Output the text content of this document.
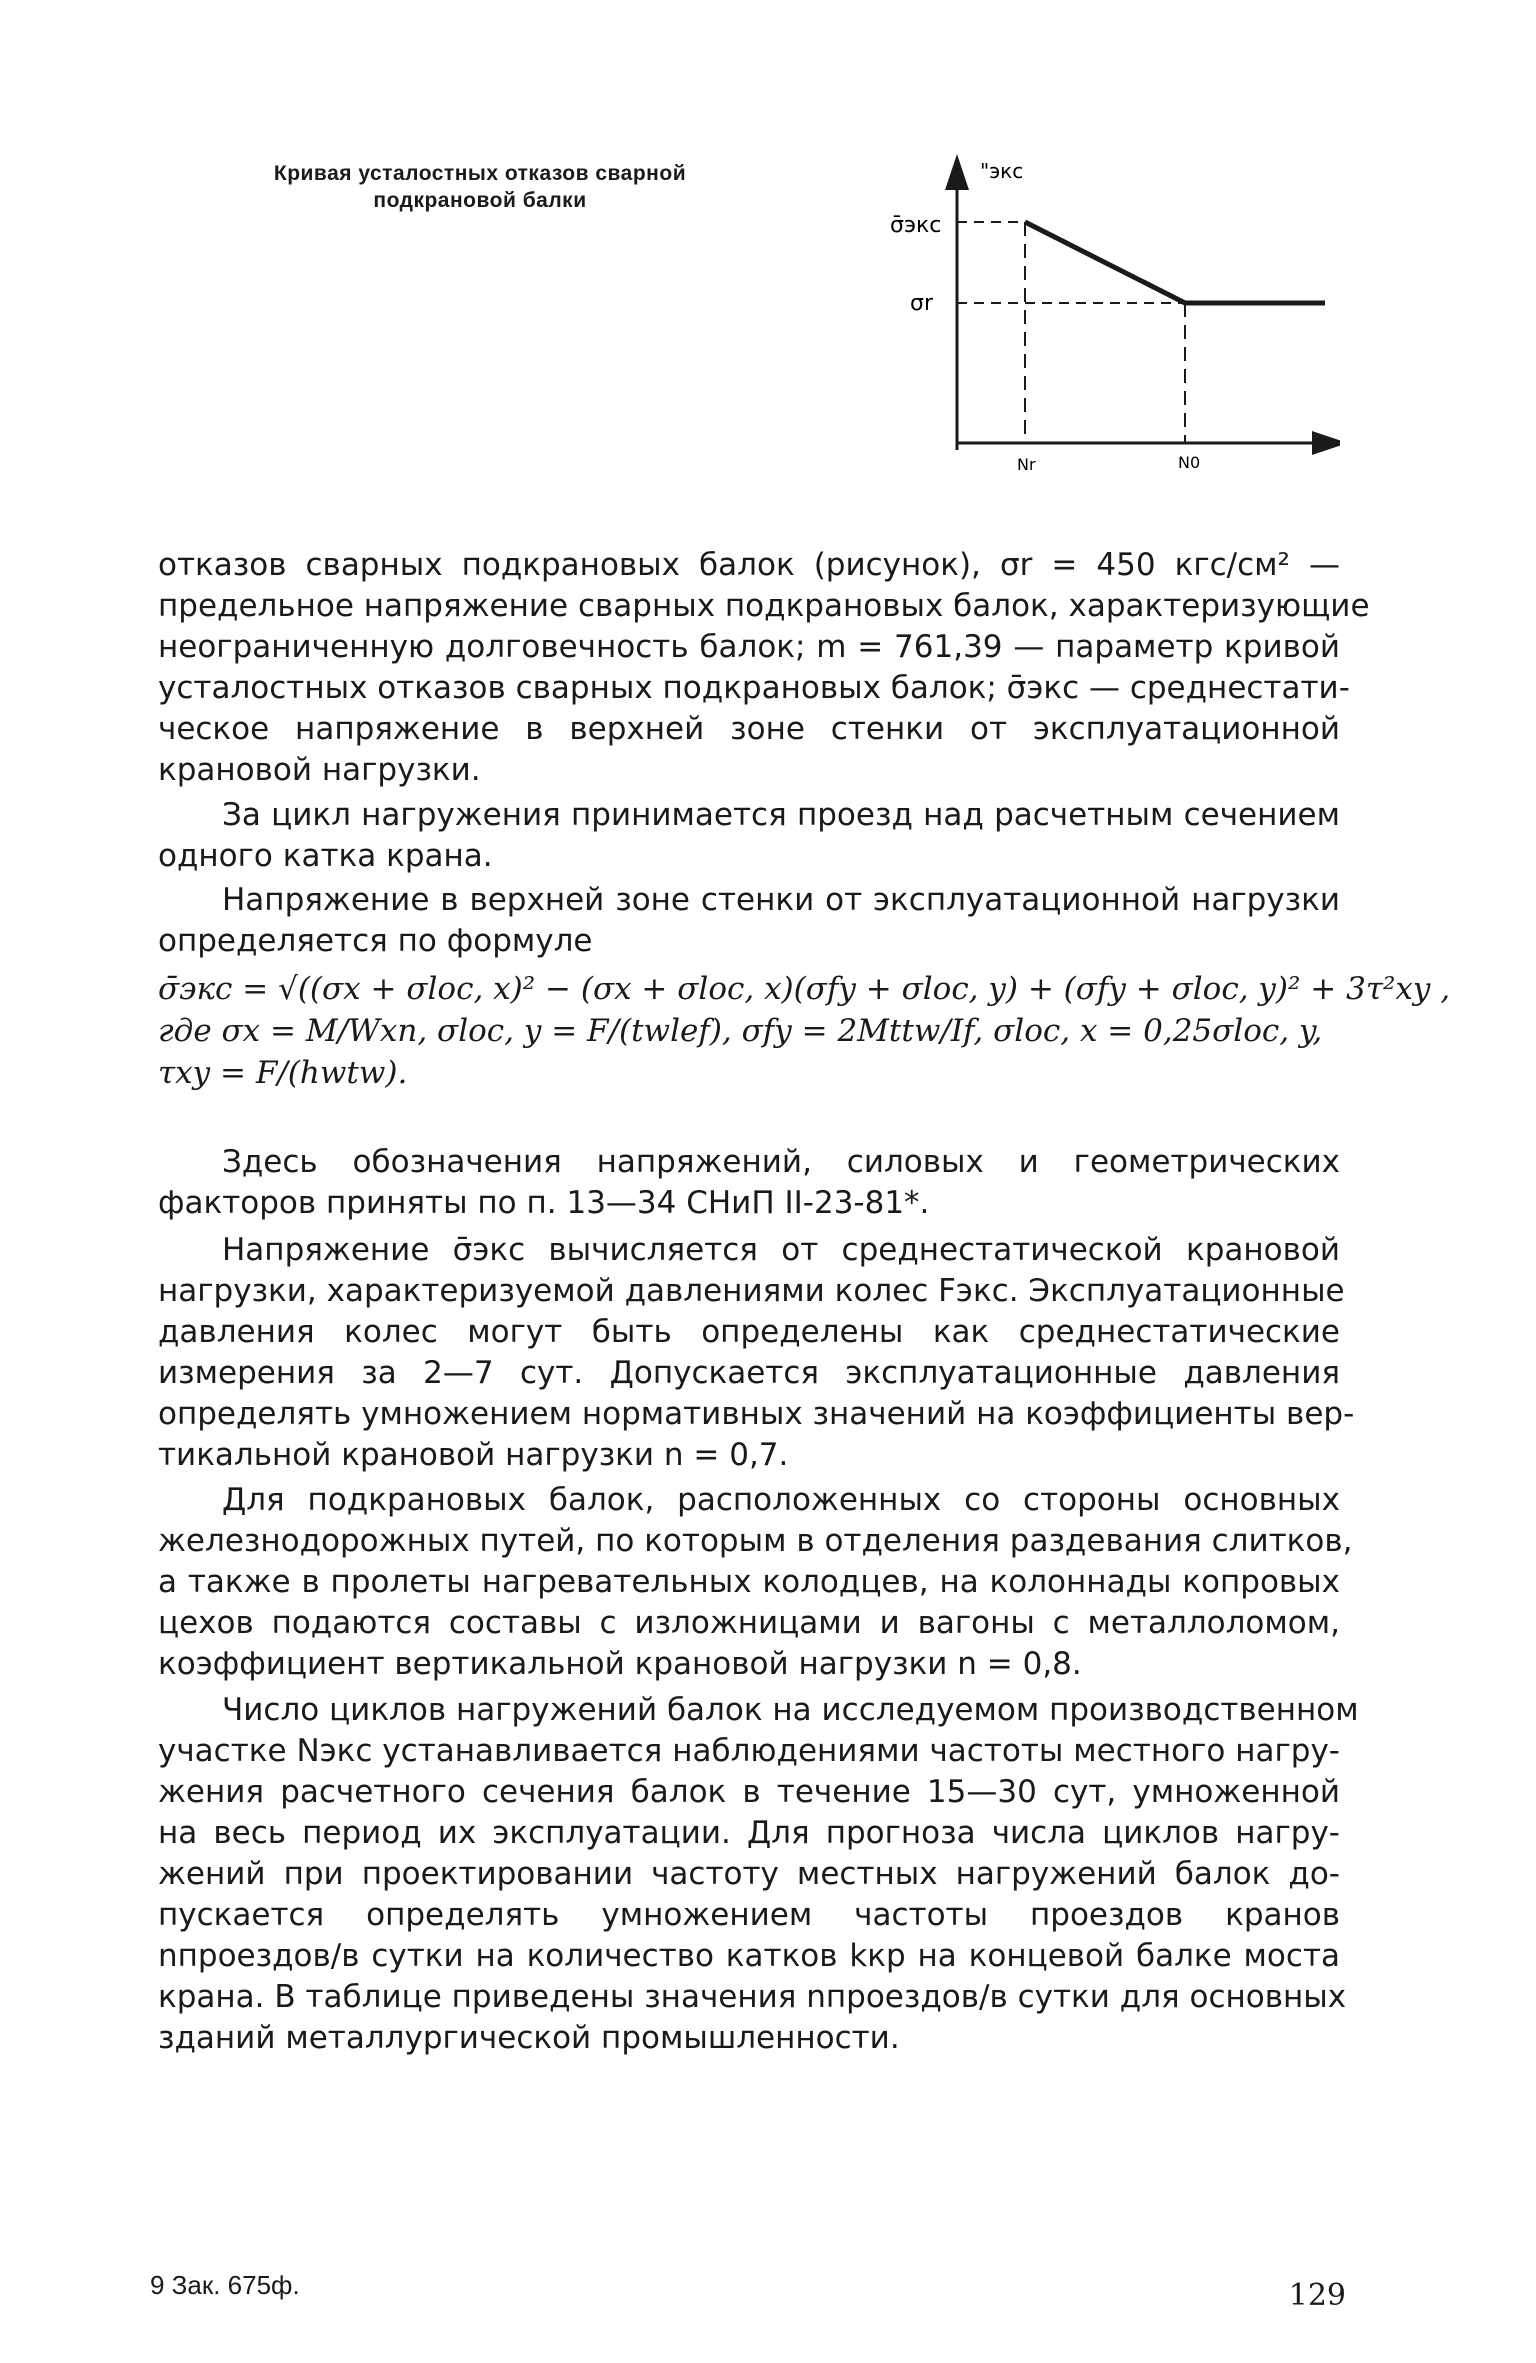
Кривая усталостных отказов сварной
подкрановой балки
"экс
σ̄экс
σr
Nr	N0
отказов сварных подкрановых балок (рисунок), σr = 450 кгс/см² —
предельное напряжение сварных подкрановых балок, характеризующие
неограниченную долговечность балок; m = 761,39 — параметр кривой
усталостных отказов сварных подкрановых балок; σ̄экс — среднестати-
ческое напряжение в верхней зоне стенки от эксплуатационной
крановой нагрузки.
За цикл нагружения принимается проезд над расчетным сечением
одного катка крана.
Напряжение в верхней зоне стенки от эксплуатационной нагрузки
определяется по формуле
σ̄экс = √((σx + σloc, x)² − (σx + σloc, x)(σfy + σloc, y) + (σfy + σloc, y)² + 3τ²xy ,
где σx = M/Wxn, σloc, y = F/(twlef), σfy = 2Mttw/If, σloc, x = 0,25σloc, y,
τxy = F/(hwtw).
Здесь обозначения напряжений, силовых и геометрических
факторов приняты по п. 13—34 СНиП II-23-81*.
Напряжение σ̄экс вычисляется от среднестатической крановой
нагрузки, характеризуемой давлениями колес Fэкс. Эксплуатационные
давления колес могут быть определены как среднестатические
измерения за 2—7 сут. Допускается эксплуатационные давления
определять умножением нормативных значений на коэффициенты вер-
тикальной крановой нагрузки n = 0,7.
Для подкрановых балок, расположенных со стороны основных
железнодорожных путей, по которым в отделения раздевания слитков,
а также в пролеты нагревательных колодцев, на колоннады копровых
цехов подаются составы с изложницами и вагоны с металлоломом,
коэффициент вертикальной крановой нагрузки n = 0,8.
Число циклов нагружений балок на исследуемом производственном
участке Nэкс устанавливается наблюдениями частоты местного нагру-
жения расчетного сечения балок в течение 15—30 сут, умноженной
на весь период их эксплуатации. Для прогноза числа циклов нагру-
жений при проектировании частоту местных нагружений балок до-
пускается определять умножением частоты проездов кранов
nпроездов/в сутки на количество катков kкр на концевой балке моста
крана. В таблице приведены значения nпроездов/в сутки для основных
зданий металлургической промышленности.
9 Зак. 675ф.	129
